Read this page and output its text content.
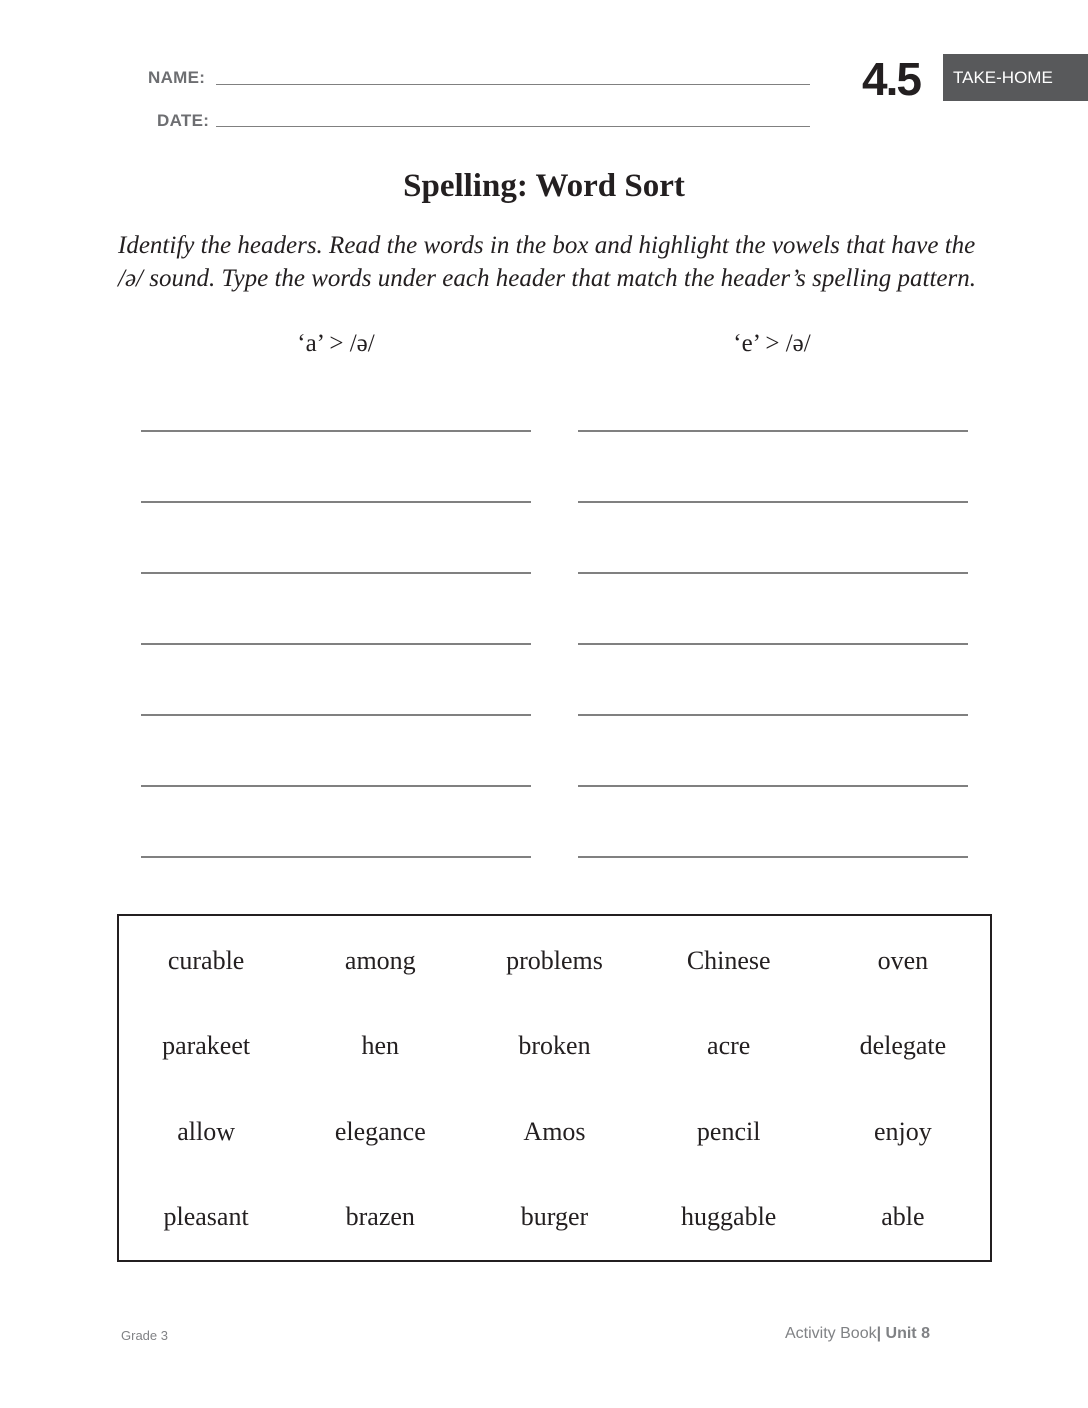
NAME:
DATE:
4.5	TAKE-HOME
Spelling: Word Sort
Identify the headers. Read the words in the box and highlight the vowels that have the /ə/ sound. Type the words under each header that match the header’s spelling pattern.
‘a’ > /ə/	‘e’ > /ə/
curable	among	problems	Chinese	oven
parakeet	hen	broken	acre	delegate
allow	elegance	Amos	pencil	enjoy
pleasant	brazen	burger	huggable	able
Grade 3	Activity Book| Unit 8
